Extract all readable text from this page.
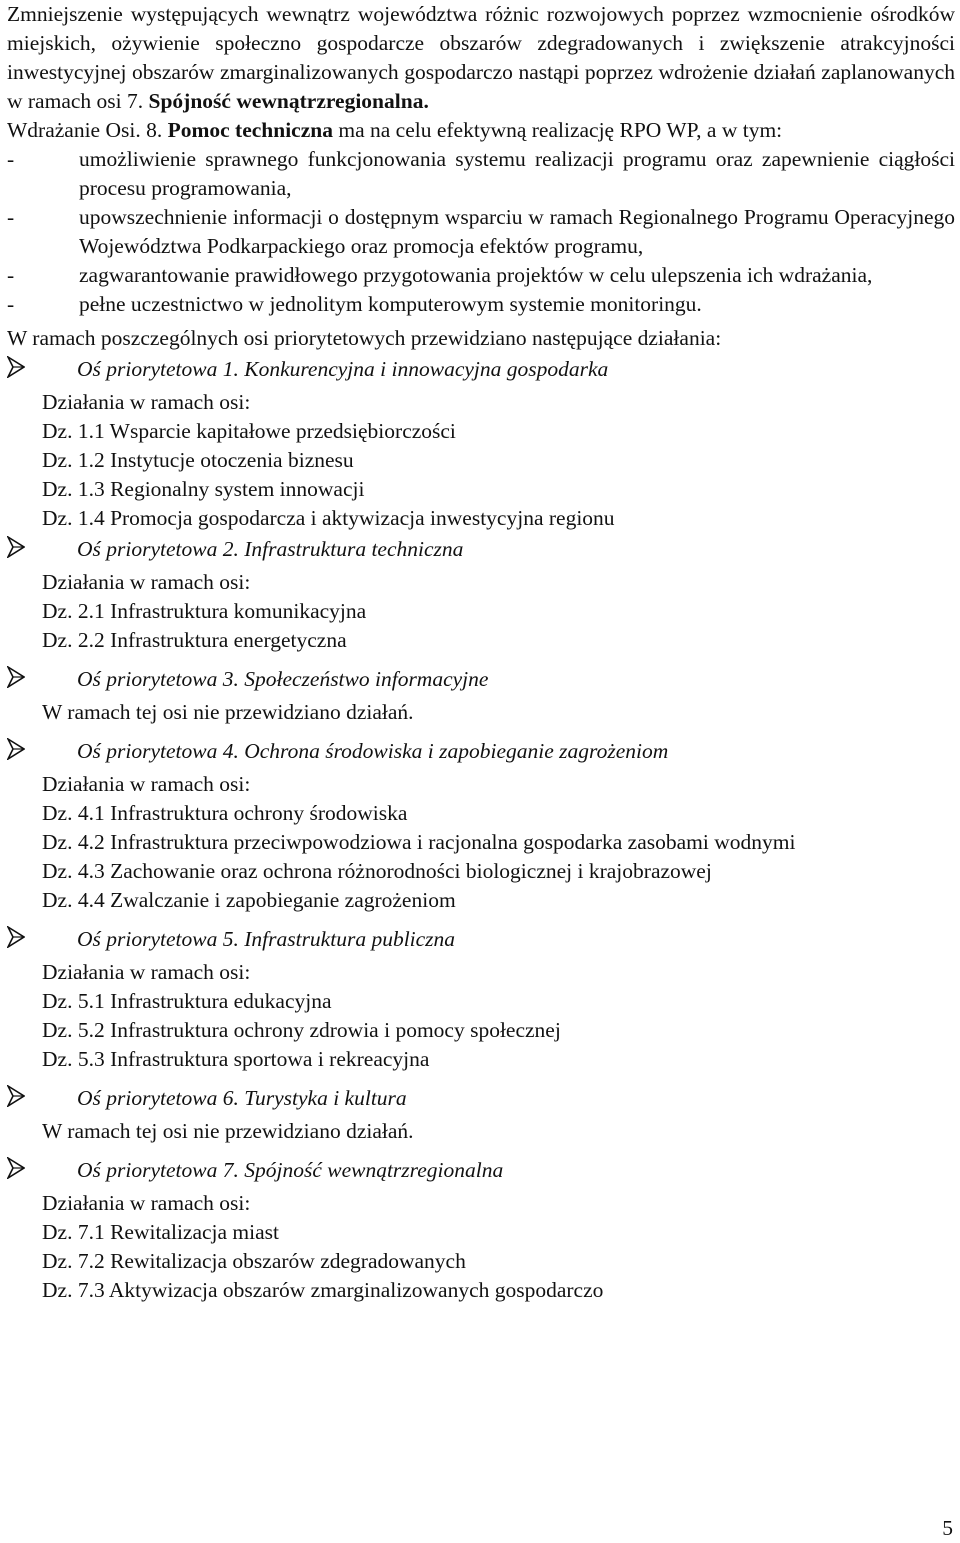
Zmniejszenie występujących wewnątrz województwa różnic rozwojowych poprzez wzmocnienie ośrodków miejskich, ożywienie społeczno gospodarcze obszarów zdegradowanych i zwiększenie atrakcyjności inwestycyjnej obszarów zmarginalizowanych gospodarczo nastąpi poprzez wdrożenie działań zaplanowanych w ramach osi 7. Spójność wewnątrzregionalna.

Wdrażanie Osi. 8. Pomoc techniczna ma na celu efektywną realizację RPO WP, a w tym:

-	umożliwienie sprawnego funkcjonowania systemu realizacji programu oraz zapewnienie ciągłości procesu programowania,
-	upowszechnienie informacji o dostępnym wsparciu w ramach Regionalnego Programu Operacyjnego Województwa Podkarpackiego oraz promocja efektów programu,
-	zagwarantowanie prawidłowego przygotowania projektów w celu ulepszenia ich wdrażania,
-	pełne uczestnictwo w jednolitym komputerowym systemie monitoringu.

W ramach poszczególnych osi priorytetowych przewidziano następujące działania:

Oś priorytetowa 1. Konkurencyjna i innowacyjna gospodarka

Działania w ramach osi:

Dz. 1.1 Wsparcie kapitałowe przedsiębiorczości

Dz. 1.2 Instytucje otoczenia biznesu

Dz. 1.3 Regionalny system innowacji

Dz. 1.4 Promocja gospodarcza i aktywizacja inwestycyjna regionu

Oś priorytetowa 2. Infrastruktura techniczna

Działania w ramach osi:

Dz. 2.1 Infrastruktura komunikacyjna

Dz. 2.2 Infrastruktura energetyczna

Oś priorytetowa 3. Społeczeństwo informacyjne

W ramach tej osi nie przewidziano działań.

Oś priorytetowa 4. Ochrona środowiska i zapobieganie zagrożeniom

Działania w ramach osi:

Dz. 4.1 Infrastruktura ochrony środowiska

Dz. 4.2 Infrastruktura przeciwpowodziowa i racjonalna gospodarka zasobami wodnymi

Dz. 4.3 Zachowanie oraz ochrona różnorodności biologicznej i krajobrazowej

Dz. 4.4 Zwalczanie i zapobieganie zagrożeniom

Oś priorytetowa 5. Infrastruktura publiczna

Działania w ramach osi:

Dz. 5.1 Infrastruktura edukacyjna

Dz. 5.2 Infrastruktura ochrony zdrowia i pomocy społecznej

Dz. 5.3 Infrastruktura sportowa i rekreacyjna

Oś priorytetowa 6. Turystyka i kultura

W ramach tej osi nie przewidziano działań.

Oś priorytetowa 7. Spójność wewnątrzregionalna

Działania w ramach osi:

Dz. 7.1 Rewitalizacja miast

Dz. 7.2 Rewitalizacja obszarów zdegradowanych

Dz. 7.3 Aktywizacja obszarów zmarginalizowanych gospodarczo

5
